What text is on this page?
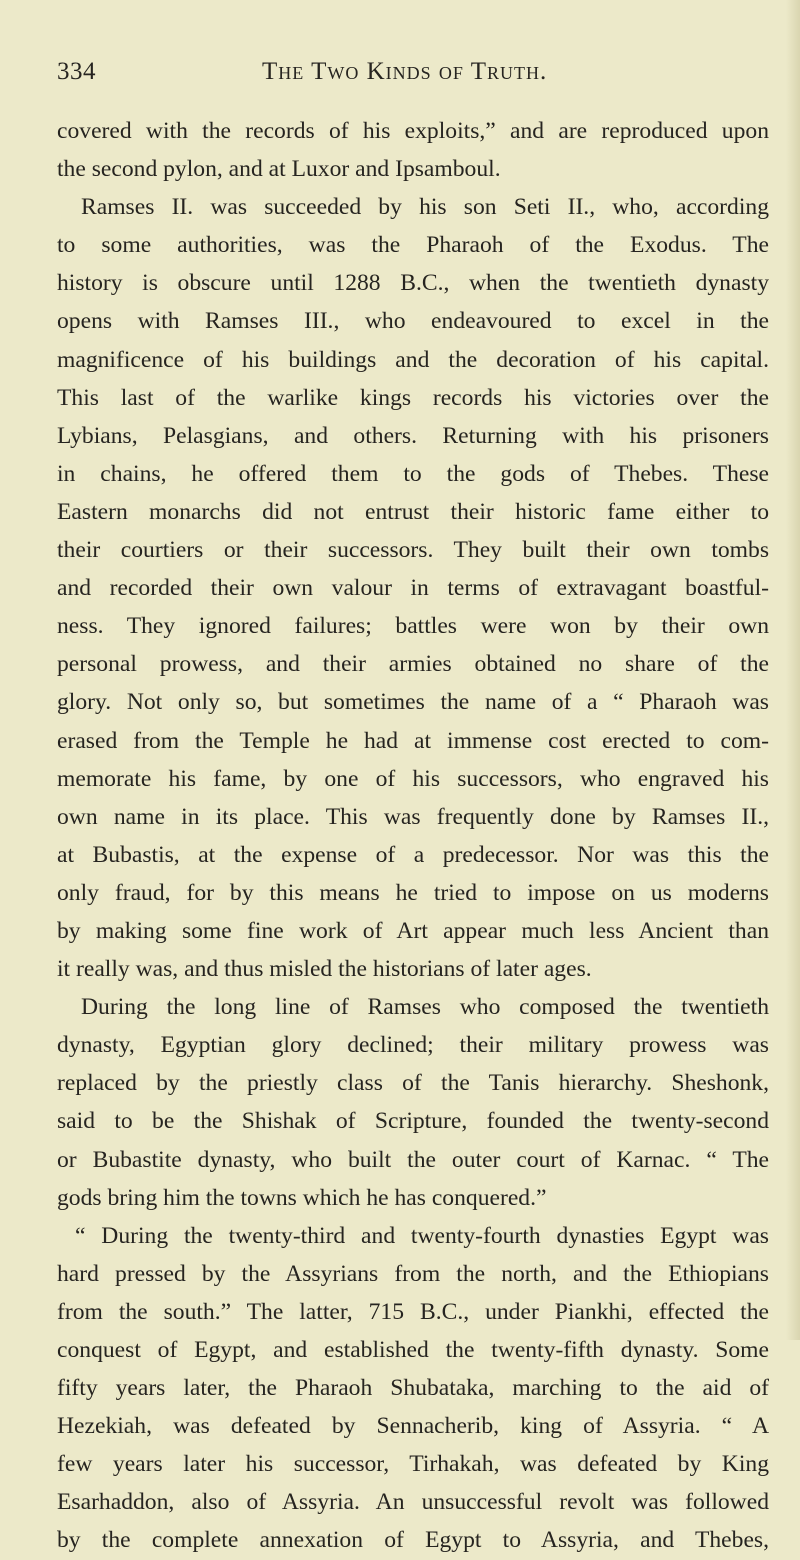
334	The Two Kinds of Truth.
covered with the records of his exploits,” and are reproduced upon
the second pylon, and at Luxor and Ipsamboul.
Ramses II. was succeeded by his son Seti II., who, according
to some authorities, was the Pharaoh of the Exodus. The
history is obscure until 1288 B.C., when the twentieth dynasty
opens with Ramses III., who endeavoured to excel in the
magnificence of his buildings and the decoration of his capital.
This last of the warlike kings records his victories over the
Lybians, Pelasgians, and others. Returning with his prisoners
in chains, he offered them to the gods of Thebes. These
Eastern monarchs did not entrust their historic fame either to
their courtiers or their successors. They built their own tombs
and recorded their own valour in terms of extravagant boastful-
ness. They ignored failures; battles were won by their own
personal prowess, and their armies obtained no share of the
glory. Not only so, but sometimes the name of a “ Pharaoh was
erased from the Temple he had at immense cost erected to com-
memorate his fame, by one of his successors, who engraved his
own name in its place. This was frequently done by Ramses II.,
at Bubastis, at the expense of a predecessor. Nor was this the
only fraud, for by this means he tried to impose on us moderns
by making some fine work of Art appear much less Ancient than
it really was, and thus misled the historians of later ages.
During the long line of Ramses who composed the twentieth
dynasty, Egyptian glory declined; their military prowess was
replaced by the priestly class of the Tanis hierarchy. Sheshonk,
said to be the Shishak of Scripture, founded the twenty-second
or Bubastite dynasty, who built the outer court of Karnac. “ The
gods bring him the towns which he has conquered.”
“ During the twenty-third and twenty-fourth dynasties Egypt was
hard pressed by the Assyrians from the north, and the Ethiopians
from the south.” The latter, 715 B.C., under Piankhi, effected the
conquest of Egypt, and established the twenty-fifth dynasty. Some
fifty years later, the Pharaoh Shubataka, marching to the aid of
Hezekiah, was defeated by Sennacherib, king of Assyria. “ A
few years later his successor, Tirhakah, was defeated by King
Esarhaddon, also of Assyria. An unsuccessful revolt was followed
by the complete annexation of Egypt to Assyria, and Thebes,
